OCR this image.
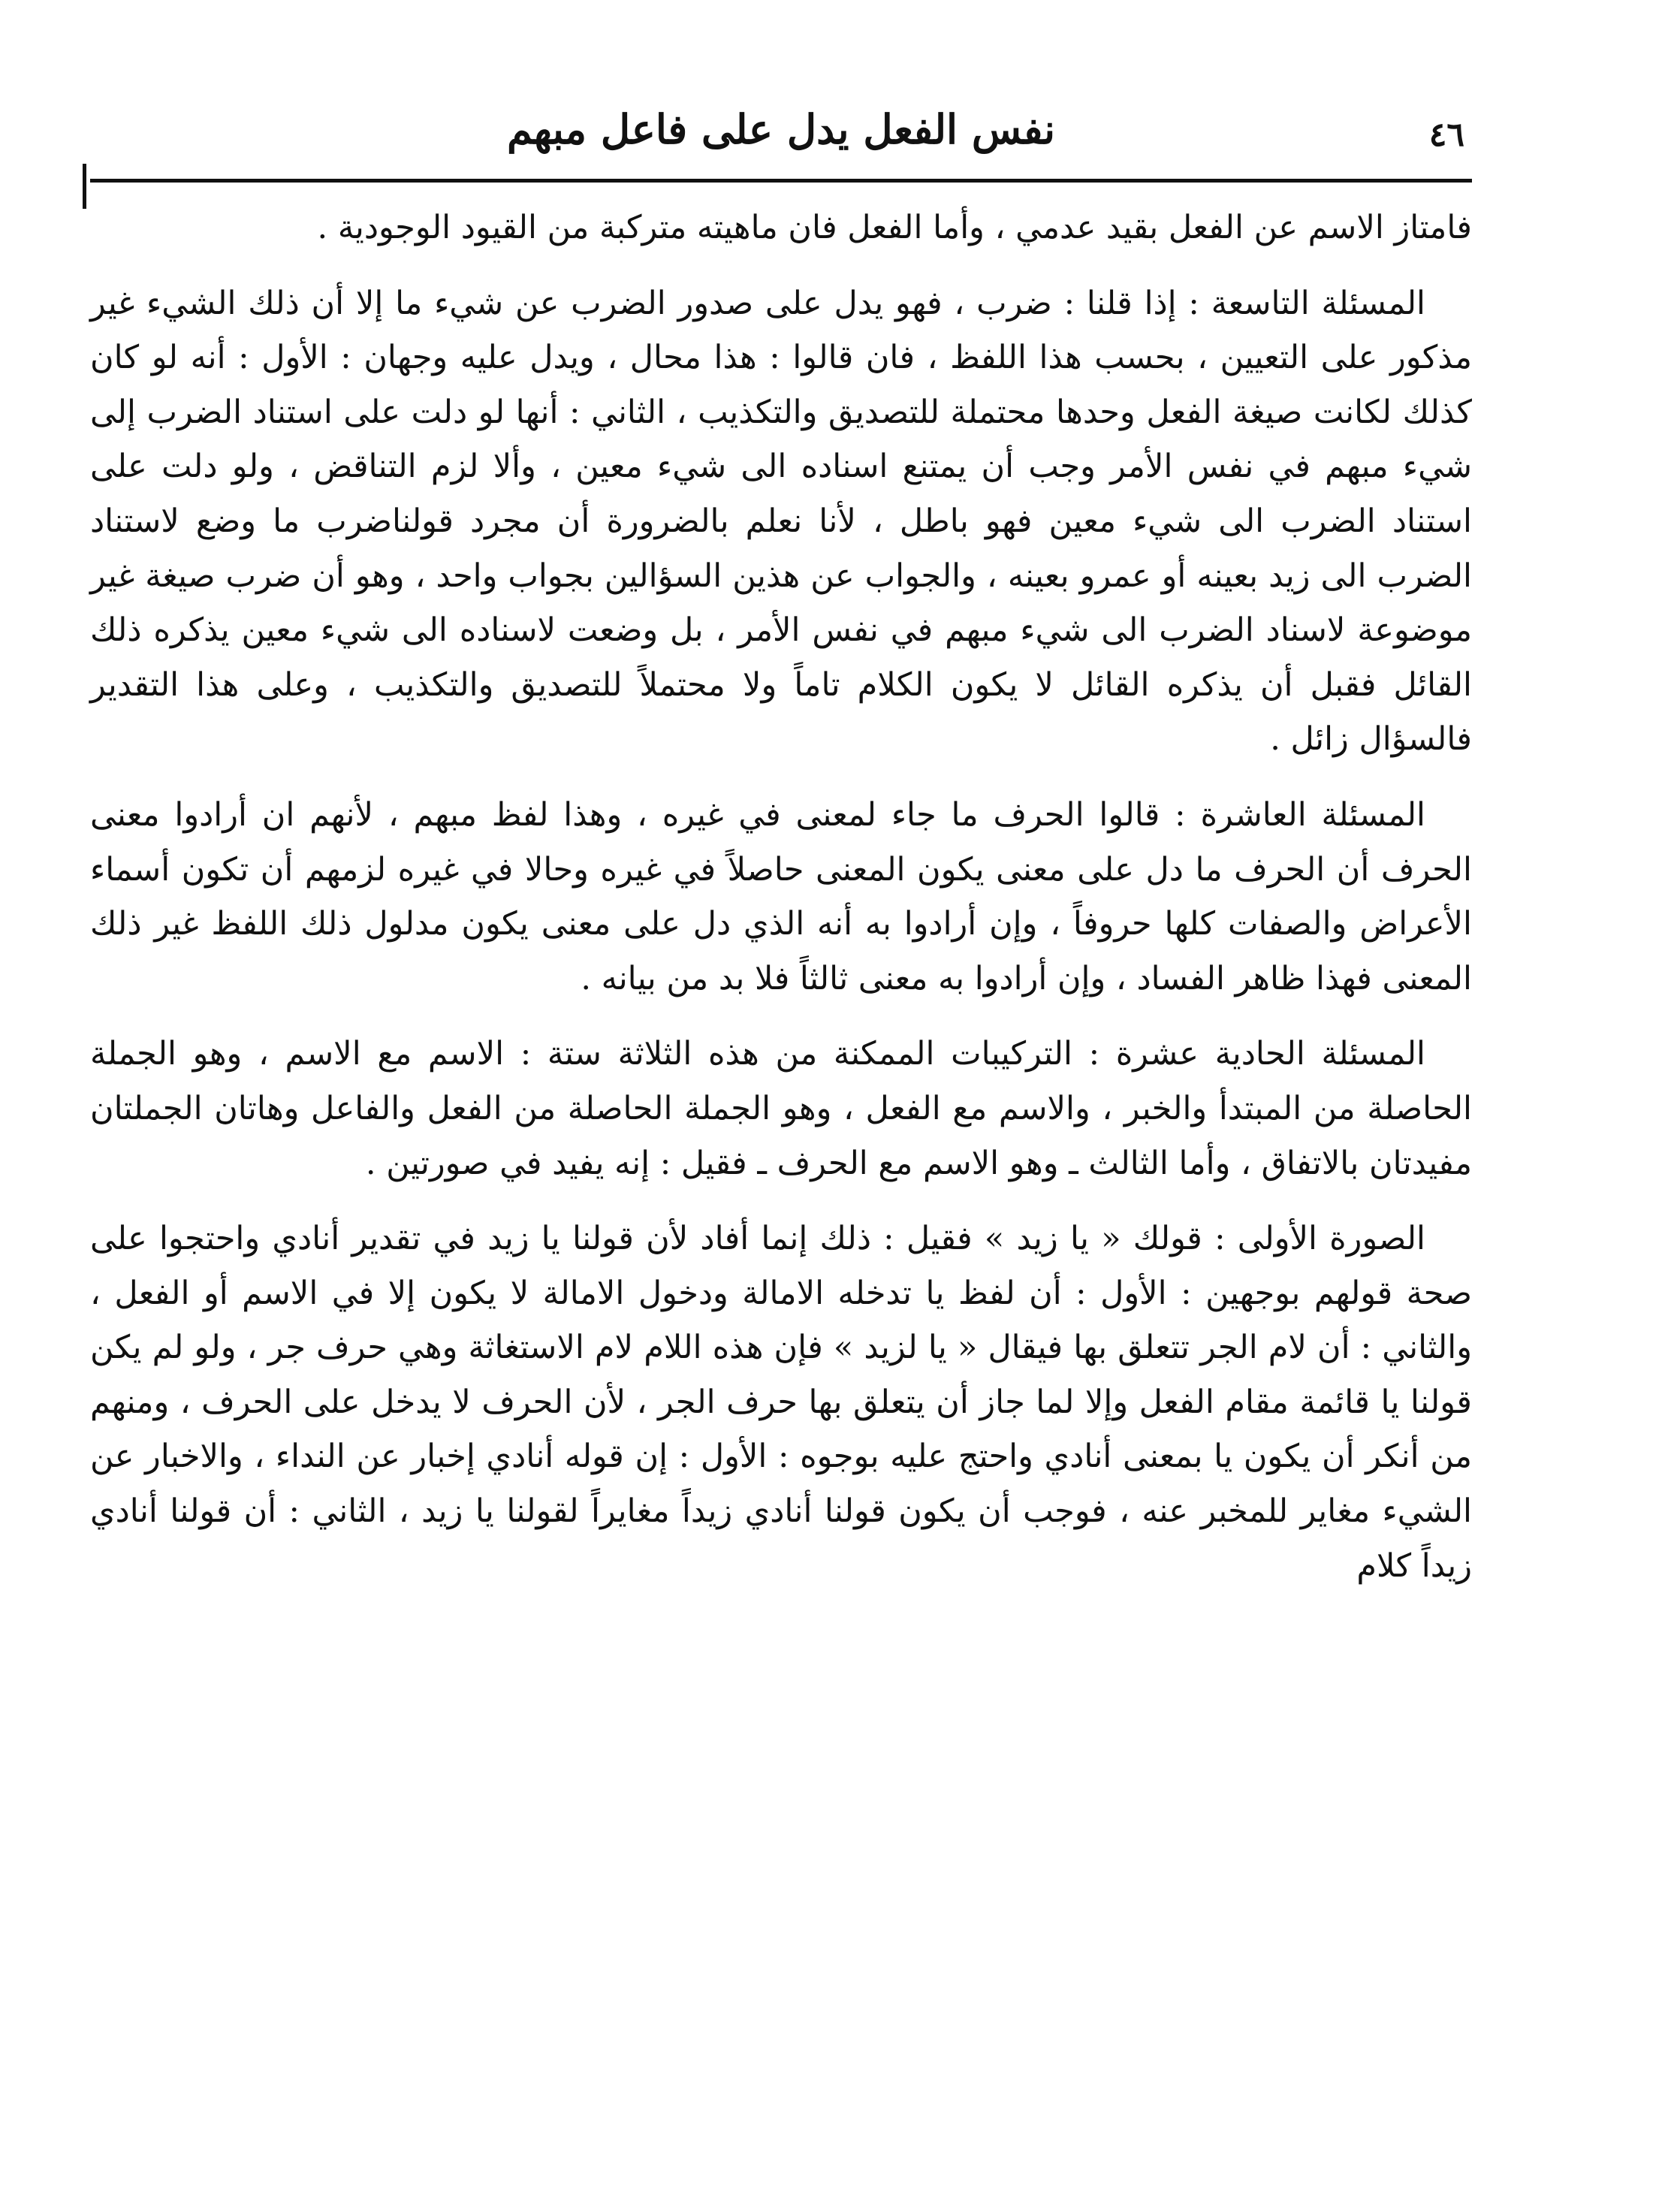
نفس الفعل يدل على فاعل مبهم	٤٦

فامتاز الاسم عن الفعل بقيد عدمي ، وأما الفعل فان ماهيته متركبة من القيود الوجودية .

المسئلة التاسعة : إذا قلنا : ضرب ، فهو يدل على صدور الضرب عن شيء ما إلا أن ذلك الشيء غير مذكور على التعيين ، بحسب هذا اللفظ ، فان قالوا : هذا محال ، ويدل عليه وجهان : الأول : أنه لو كان كذلك لكانت صيغة الفعل وحدها محتملة للتصديق والتكذيب ، الثاني : أنها لو دلت على استناد الضرب إلى شيء مبهم في نفس الأمر وجب أن يمتنع اسناده الى شيء معين ، وألا لزم التناقض ، ولو دلت على استناد الضرب الى شيء معين فهو باطل ، لأنا نعلم بالضرورة أن مجرد قولناضرب ما وضع لاستناد الضرب الى زيد بعينه أو عمرو بعينه ، والجواب عن هذين السؤالين بجواب واحد ، وهو أن ضرب صيغة غير موضوعة لاسناد الضرب الى شيء مبهم في نفس الأمر ، بل وضعت لاسناده الى شيء معين يذكره ذلك القائل فقبل أن يذكره القائل لا يكون الكلام تاماً ولا محتملاً للتصديق والتكذيب ، وعلى هذا التقدير فالسؤال زائل .

المسئلة العاشرة : قالوا الحرف ما جاء لمعنى في غيره ، وهذا لفظ مبهم ، لأنهم ان أرادوا معنى الحرف أن الحرف ما دل على معنى يكون المعنى حاصلاً في غيره وحالا في غيره لزمهم أن تكون أسماء الأعراض والصفات كلها حروفاً ، وإن أرادوا به أنه الذي دل على معنى يكون مدلول ذلك اللفظ غير ذلك المعنى فهذا ظاهر الفساد ، وإن أرادوا به معنى ثالثاً فلا بد من بيانه .

المسئلة الحادية عشرة : التركيبات الممكنة من هذه الثلاثة ستة : الاسم مع الاسم ، وهو الجملة الحاصلة من المبتدأ والخبر ، والاسم مع الفعل ، وهو الجملة الحاصلة من الفعل والفاعل وهاتان الجملتان مفيدتان بالاتفاق ، وأما الثالث ـ وهو الاسم مع الحرف ـ فقيل : إنه يفيد في صورتين .

الصورة الأولى : قولك « يا زيد » فقيل : ذلك إنما أفاد لأن قولنا يا زيد في تقدير أنادي واحتجوا على صحة قولهم بوجهين : الأول : أن لفظ يا تدخله الامالة ودخول الامالة لا يكون إلا في الاسم أو الفعل ، والثاني : أن لام الجر تتعلق بها فيقال « يا لزيد » فإن هذه اللام لام الاستغاثة وهي حرف جر ، ولو لم يكن قولنا يا قائمة مقام الفعل وإلا لما جاز أن يتعلق بها حرف الجر ، لأن الحرف لا يدخل على الحرف ، ومنهم من أنكر أن يكون يا بمعنى أنادي واحتج عليه بوجوه : الأول : إن قوله أنادي إخبار عن النداء ، والاخبار عن الشيء مغاير للمخبر عنه ، فوجب أن يكون قولنا أنادي زيداً مغايراً لقولنا يا زيد ، الثاني : أن قولنا أنادي زيداً كلام
